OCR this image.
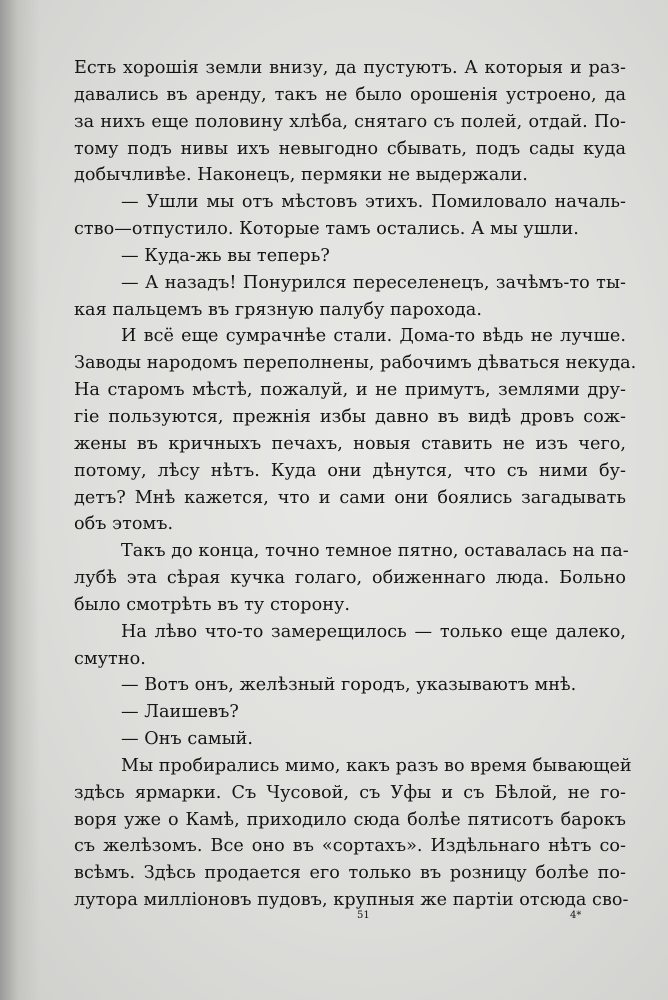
Есть хорошія земли внизу, да пустуютъ. А которыя и раз-
давались въ аренду, такъ не было орошенія устроено, да
за нихъ еще половину хлѣба, снятаго съ полей, отдай. По-
тому подъ нивы ихъ невыгодно сбывать, подъ сады куда
добычливѣе. Наконецъ, пермяки не выдержали.
— Ушли мы отъ мѣстовъ этихъ. Помиловало началь-
ство—отпустило. Которые тамъ остались. А мы ушли.
— Куда-жь вы теперь?
— А назадъ! Понурился переселенецъ, зачѣмъ-то ты-
кая пальцемъ въ грязную палубу парохода.
И всё еще сумрачнѣе стали. Дома-то вѣдь не лучше.
Заводы народомъ переполнены, рабочимъ дѣваться некуда.
На старомъ мѣстѣ, пожалуй, и не примутъ, землями дру-
гіе пользуются, прежнія избы давно въ видѣ дровъ сож-
жены въ кричныхъ печахъ, новыя ставить не изъ чего,
потому, лѣсу нѣтъ. Куда они дѣнутся, что съ ними бу-
детъ? Мнѣ кажется, что и сами они боялись загадывать
объ этомъ.
Такъ до конца, точно темное пятно, оставалась на па-
лубѣ эта сѣрая кучка голаго, обиженнаго люда. Больно
было смотрѣть въ ту сторону.
На лѣво что-то замерещилось — только еще далеко,
смутно.
— Вотъ онъ, желѣзный городъ, указываютъ мнѣ.
— Лаишевъ?
— Онъ самый.
Мы пробирались мимо, какъ разъ во время бывающей
здѣсь ярмарки. Съ Чусовой, съ Уфы и съ Бѣлой, не го-
воря уже о Камѣ, приходило сюда болѣе пятисотъ барокъ
съ желѣзомъ. Все оно въ «сортахъ». Издѣльнаго нѣтъ со-
всѣмъ. Здѣсь продается его только въ розницу болѣе по-
лутора милліоновъ пудовъ, крупныя же партіи отсюда сво-
51	4*
